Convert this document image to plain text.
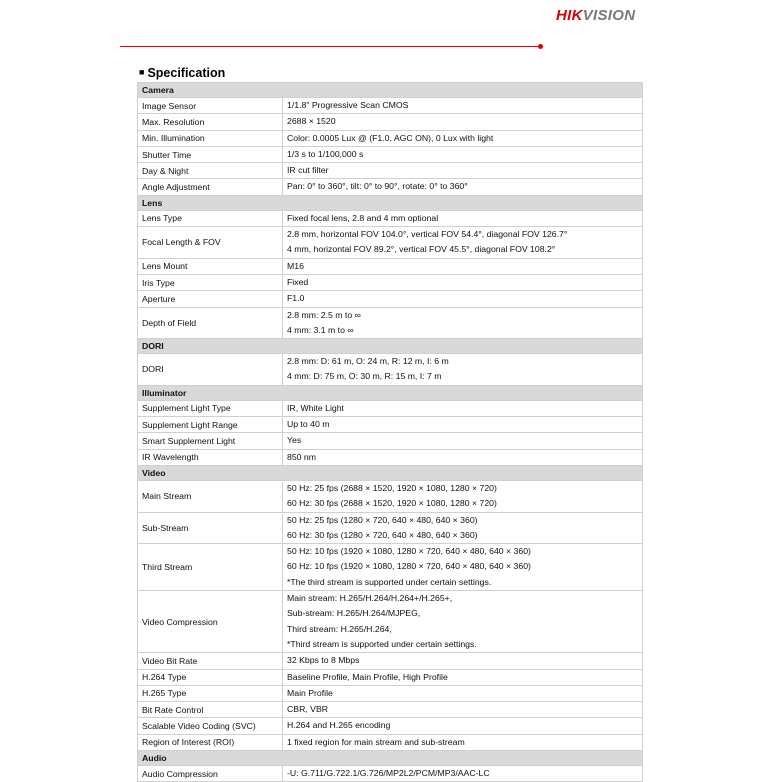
HIKVISION
■ Specification
Camera	
Image Sensor	1/1.8" Progressive Scan CMOS

Max. Resolution	2688 × 1520

Min. Illumination	Color: 0.0005 Lux @ (F1.0, AGC ON), 0 Lux with light

Shutter Time	1/3 s to 1/100,000 s

Day & Night	IR cut filter

Angle Adjustment	Pan: 0° to 360°, tilt: 0° to 90°, rotate: 0° to 360°

Lens	
Lens Type	Fixed focal lens, 2.8 and 4 mm optional

Focal Length & FOV	2.8 mm, horizontal FOV 104.0°, vertical FOV 54.4°, diagonal FOV 126.7°
4 mm, horizontal FOV 89.2°, vertical FOV 45.5°, diagonal FOV 108.2°

Lens Mount	M16

Iris Type	Fixed

Aperture	F1.0

Depth of Field	2.8 mm: 2.5 m to ∞
4 mm: 3.1 m to ∞

DORI	
DORI	2.8 mm: D: 61 m, O: 24 m, R: 12 m, I: 6 m
4 mm: D: 75 m, O: 30 m, R: 15 m, I: 7 m

Illuminator	
Supplement Light Type	IR, White Light

Supplement Light Range	Up to 40 m

Smart Supplement Light	Yes

IR Wavelength	850 nm

Video	
Main Stream	50 Hz: 25 fps (2688 × 1520, 1920 × 1080, 1280 × 720)
60 Hz: 30 fps (2688 × 1520, 1920 × 1080, 1280 × 720)

Sub-Stream	50 Hz: 25 fps (1280 × 720, 640 × 480, 640 × 360)
60 Hz: 30 fps (1280 × 720, 640 × 480, 640 × 360)

Third Stream	50 Hz: 10 fps (1920 × 1080, 1280 × 720, 640 × 480, 640 × 360)
60 Hz: 10 fps (1920 × 1080, 1280 × 720, 640 × 480, 640 × 360)
*The third stream is supported under certain settings.

Video Compression	Main stream: H.265/H.264/H.264+/H.265+,
Sub-stream: H.265/H.264/MJPEG,
Third stream: H.265/H.264,
*Third stream is supported under certain settings.

Video Bit Rate	32 Kbps to 8 Mbps

H.264 Type	Baseline Profile, Main Profile, High Profile

H.265 Type	Main Profile

Bit Rate Control	CBR, VBR

Scalable Video Coding (SVC)	H.264 and H.265 encoding

Region of Interest (ROI)	1 fixed region for main stream and sub-stream

Audio	
Audio Compression	-U: G.711/G.722.1/G.726/MP2L2/PCM/MP3/AAC-LC
